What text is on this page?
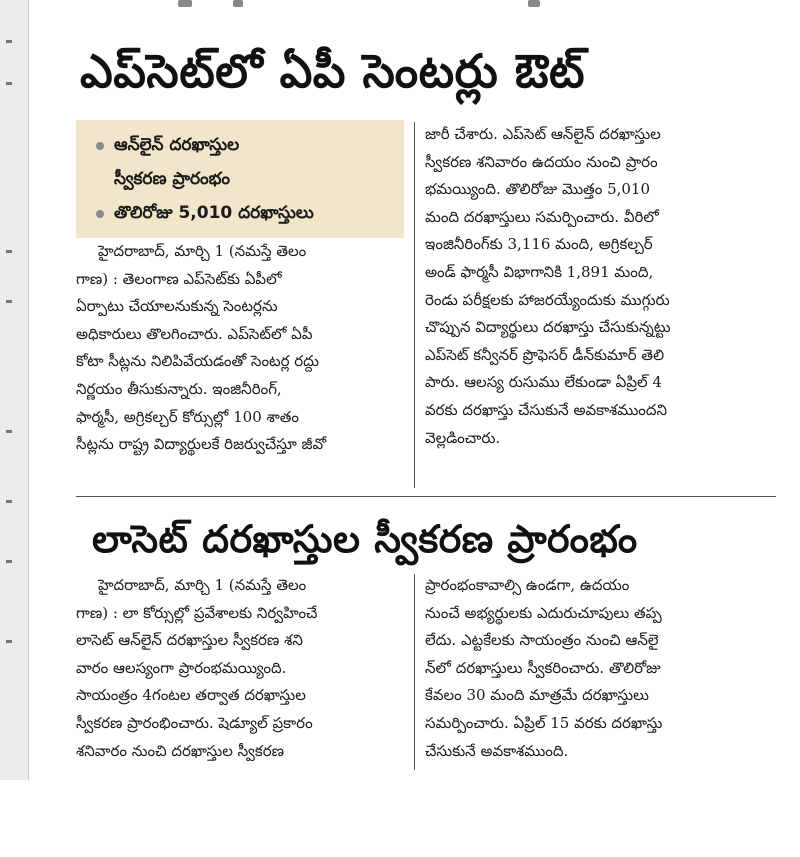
ఎప్‌సెట్‌లో ఏపీ సెంటర్లు ఔట్‌
ఆన్‌లైన్ దరఖాస్తుల
స్వీకరణ ప్రారంభం
తొలిరోజు 5,010 దరఖాస్తులు
హైదరాబాద్, మార్చి 1 (నమస్తే తెలం
గాణ) : తెలంగాణ ఎప్‌సెట్‌కు ఏపీలో
ఏర్పాటు చేయాలనుకున్న సెంటర్లను
అధికారులు తొలగించారు. ఎప్‌సెట్‌లో ఏపీ
కోటా సీట్లను నిలిపివేయడంతో సెంటర్ల రద్దు
నిర్ణయం తీసుకున్నారు. ఇంజినీరింగ్,
ఫార్మసీ, అగ్రికల్చర్ కోర్సుల్లో 100 శాతం
సీట్లను రాష్ట్ర విద్యార్థులకే రిజర్వుచేస్తూ జీవో
జారీ చేశారు. ఎప్‌సెట్ ఆన్‌లైన్ దరఖాస్తుల
స్వీకరణ శనివారం ఉదయం నుంచి ప్రారం
భమయ్యింది. తొలిరోజు మొత్తం 5,010
మంది దరఖాస్తులు సమర్పించారు. వీరిలో
ఇంజినీరింగ్‌కు 3,116 మంది, అగ్రికల్చర్
అండ్ ఫార్మసీ విభాగానికి 1,891 మంది,
రెండు పరీక్షలకు హాజరయ్యేందుకు ముగ్గురు
చొప్పున విద్యార్థులు దరఖాస్తు చేసుకున్నట్టు
ఎప్‌సెట్ కన్వీనర్ ప్రొఫెసర్ డీన్‌కుమార్ తెలి
పారు. ఆలస్య రుసుము లేకుండా ఏప్రిల్ 4
వరకు దరఖాస్తు చేసుకునే అవకాశముందని
వెల్లడించారు.
లాసెట్ దరఖాస్తుల స్వీకరణ ప్రారంభం
హైదరాబాద్, మార్చి 1 (నమస్తే తెలం
గాణ) : లా కోర్సుల్లో ప్రవేశాలకు నిర్వహించే
లాసెట్ ఆన్‌లైన్ దరఖాస్తుల స్వీకరణ శని
వారం ఆలస్యంగా ప్రారంభమయ్యింది.
సాయంత్రం 4గంటల తర్వాత దరఖాస్తుల
స్వీకరణ ప్రారంభించారు. షెడ్యూల్ ప్రకారం
శనివారం నుంచి దరఖాస్తుల స్వీకరణ
ప్రారంభంకావాల్సి ఉండగా, ఉదయం
నుంచే అభ్యర్థులకు ఎదురుచూపులు తప్ప
లేదు. ఎట్టకేలకు సాయంత్రం నుంచి ఆన్‌లై
న్‌లో దరఖాస్తులు స్వీకరించారు. తొలిరోజు
కేవలం 30 మంది మాత్రమే దరఖాస్తులు
సమర్పించారు. ఏప్రిల్ 15 వరకు దరఖాస్తు
చేసుకునే అవకాశముంది.
